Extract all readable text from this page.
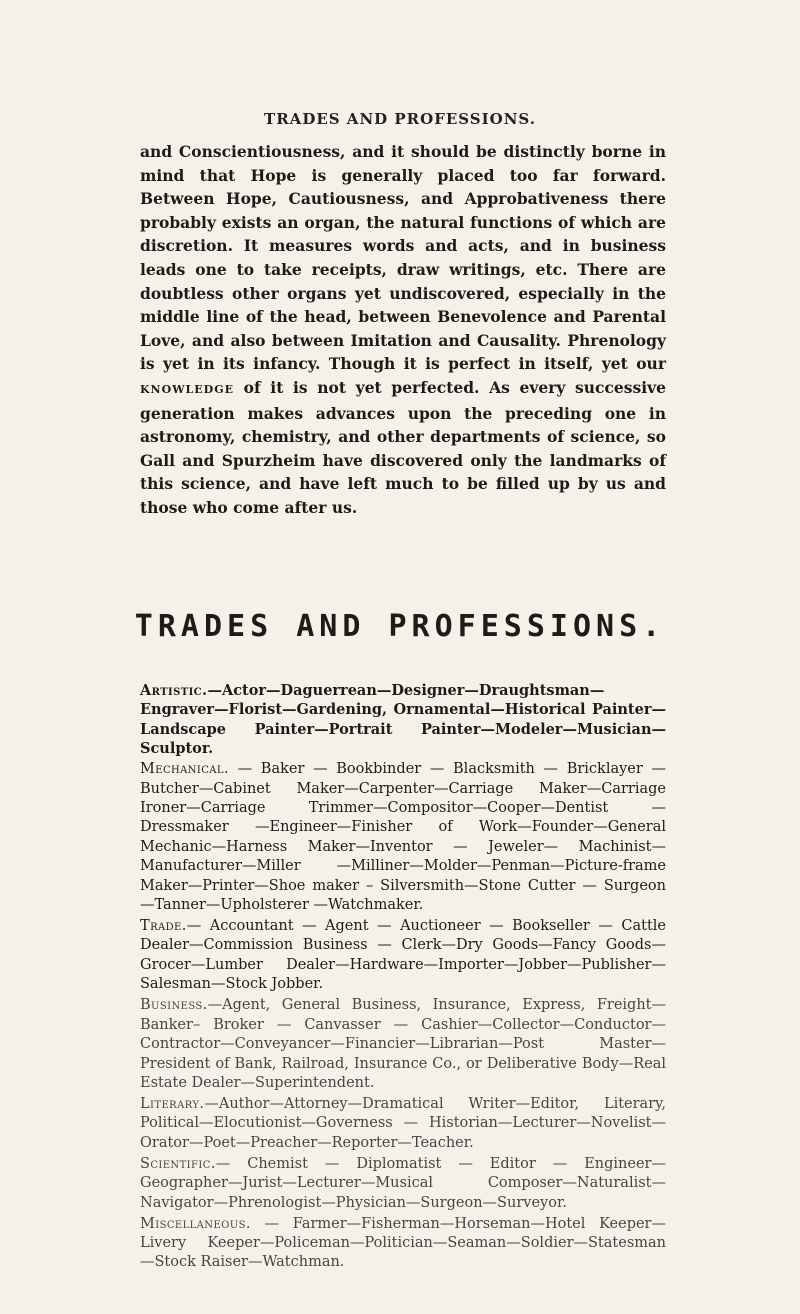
TRADES AND PROFESSIONS.

and Conscientiousness, and it should be distinctly borne in mind that Hope is generally placed too far forward. Between Hope, Cautiousness, and Approbativeness there probably exists an organ, the natural functions of which are discretion. It measures words and acts, and in business leads one to take receipts, draw writings, etc. There are doubtless other organs yet undiscovered, especially in the middle line of the head, between Benevolence and Parental Love, and also between Imitation and Causality. Phrenology is yet in its infancy. Though it is perfect in itself, yet our KNOWLEDGE of it is not yet perfected. As every successive generation makes advances upon the preceding one in astronomy, chemistry, and other departments of science, so Gall and Spurzheim have discovered only the landmarks of this science, and have left much to be filled up by us and those who come after us.

TRADES AND PROFESSIONS.

Artistic.—Actor—Daguerrean—Designer—Draughtsman—Engraver—Florist—Gardening, Ornamental—Historical Painter—Landscape Painter—Portrait Painter—Modeler—Musician—Sculptor.

Mechanical. — Baker — Bookbinder — Blacksmith — Bricklayer — Butcher—Cabinet Maker—Carpenter—Carriage Maker—Carriage Ironer—Carriage Trimmer—Compositor—Cooper—Dentist — Dressmaker —Engineer—Finisher of Work—Founder—General Mechanic—Harness Maker—Inventor — Jeweler— Machinist—Manufacturer—Miller —Milliner—Molder—Penman—Picture-frame Maker—Printer—Shoe maker – Silversmith—Stone Cutter — Surgeon—Tanner—Upholsterer —Watchmaker.

Trade.— Accountant — Agent — Auctioneer — Bookseller — Cattle Dealer—Commission Business — Clerk—Dry Goods—Fancy Goods—Grocer—Lumber Dealer—Hardware—Importer—Jobber—Publisher—Salesman—Stock Jobber.

Business.—Agent, General Business, Insurance, Express, Freight—Banker– Broker — Canvasser — Cashier—Collector—Conductor—Contractor—Conveyancer—Financier—Librarian—Post Master—President of Bank, Railroad, Insurance Co., or Deliberative Body—Real Estate Dealer—Superintendent.

Literary.—Author—Attorney—Dramatical Writer—Editor, Literary, Political—Elocutionist—Governess — Historian—Lecturer—Novelist—Orator—Poet—Preacher—Reporter—Teacher.

Scientific.— Chemist — Diplomatist — Editor — Engineer—Geographer—Jurist—Lecturer—Musical Composer—Naturalist—Navigator—Phrenologist—Physician—Surgeon—Surveyor.

Miscellaneous. — Farmer—Fisherman—Horseman—Hotel Keeper—Livery Keeper—Policeman—Politician—Seaman—Soldier—Statesman —Stock Raiser—Watchman.
